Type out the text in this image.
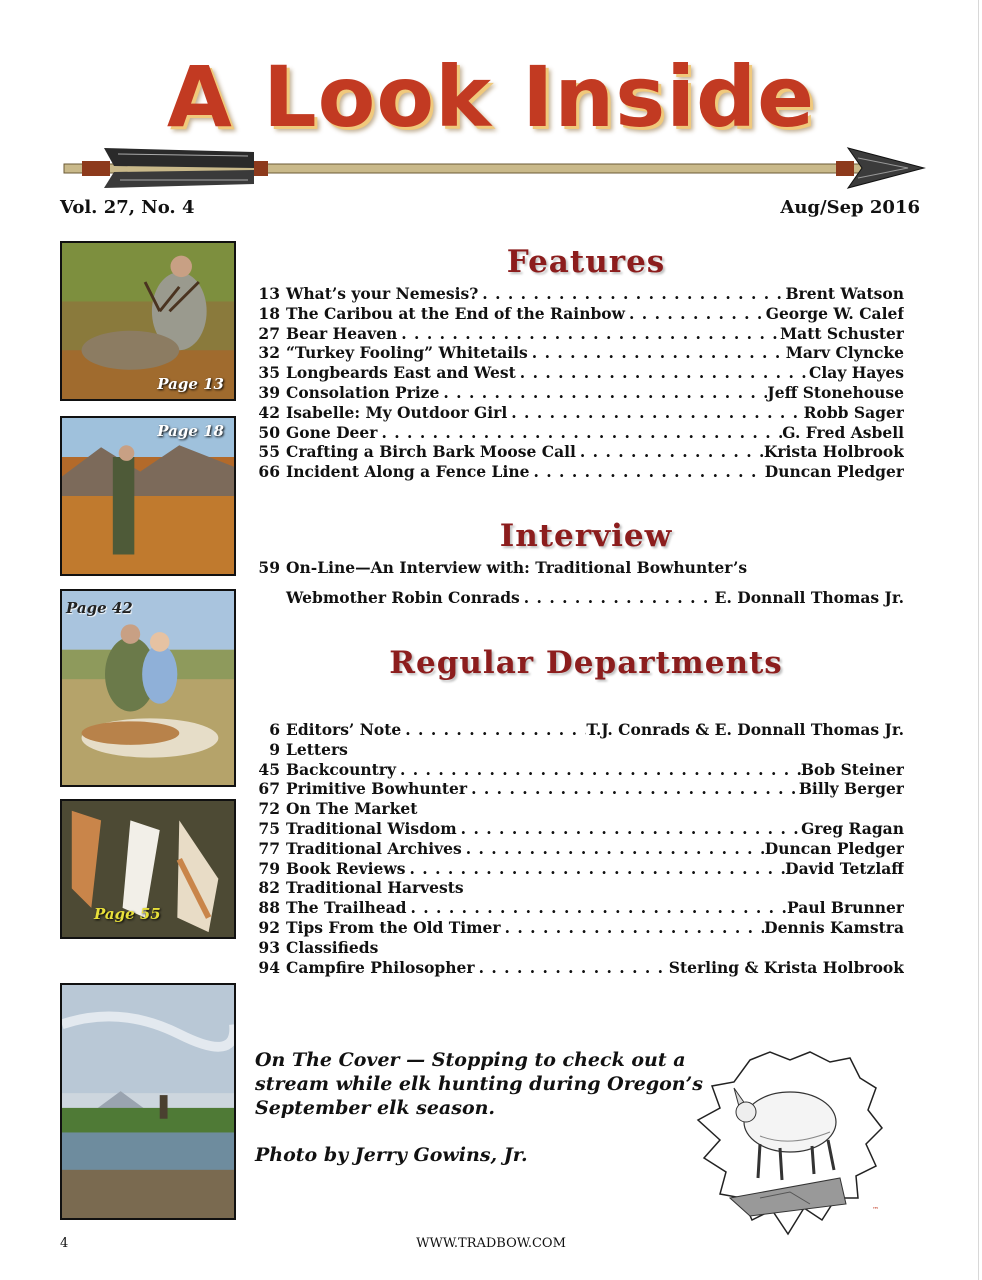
A Look Inside
Vol. 27, No. 4	Aug/Sep 2016
Page 13
Page 18
Page 42
Page 55
Features
13 What’s your Nemesis? . . .	Brent Watson
18 The Caribou at the End of the Rainbow . . .	George W. Calef
27 Bear Heaven . . .	Matt Schuster
32 “Turkey Fooling” Whitetails . . .	Marv Clyncke
35 Longbeards East and West . . .	Clay Hayes
39 Consolation Prize . . .	Jeff Stonehouse
42 Isabelle: My Outdoor Girl . . .	Robb Sager
50 Gone Deer . . .	G. Fred Asbell
55 Crafting a Birch Bark Moose Call . . .	Krista Holbrook
66 Incident Along a Fence Line . . .	Duncan Pledger
Interview
59 On-Line—An Interview with: Traditional Bowhunter’s
Webmother Robin Conrads . . .	E. Donnall Thomas Jr.
Regular Departments
6 Editors’ Note . . .	T.J. Conrads & E. Donnall Thomas Jr.
9 Letters
45 Backcountry . . .	Bob Steiner
67 Primitive Bowhunter . . .	Billy Berger
72 On The Market
75 Traditional Wisdom . . .	Greg Ragan
77 Traditional Archives . . .	Duncan Pledger
79 Book Reviews . . .	David Tetzlaff
82 Traditional Harvests
88 The Trailhead . . .	Paul Brunner
92 Tips From the Old Timer . . .	Dennis Kamstra
93 Classifieds
94 Campfire Philosopher . . .	Sterling & Krista Holbrook
On The Cover — Stopping to check out a stream while elk hunting during Oregon’s September elk season.
Photo by Jerry Gowins, Jr.
™
4	WWW.TRADBOW.COM
